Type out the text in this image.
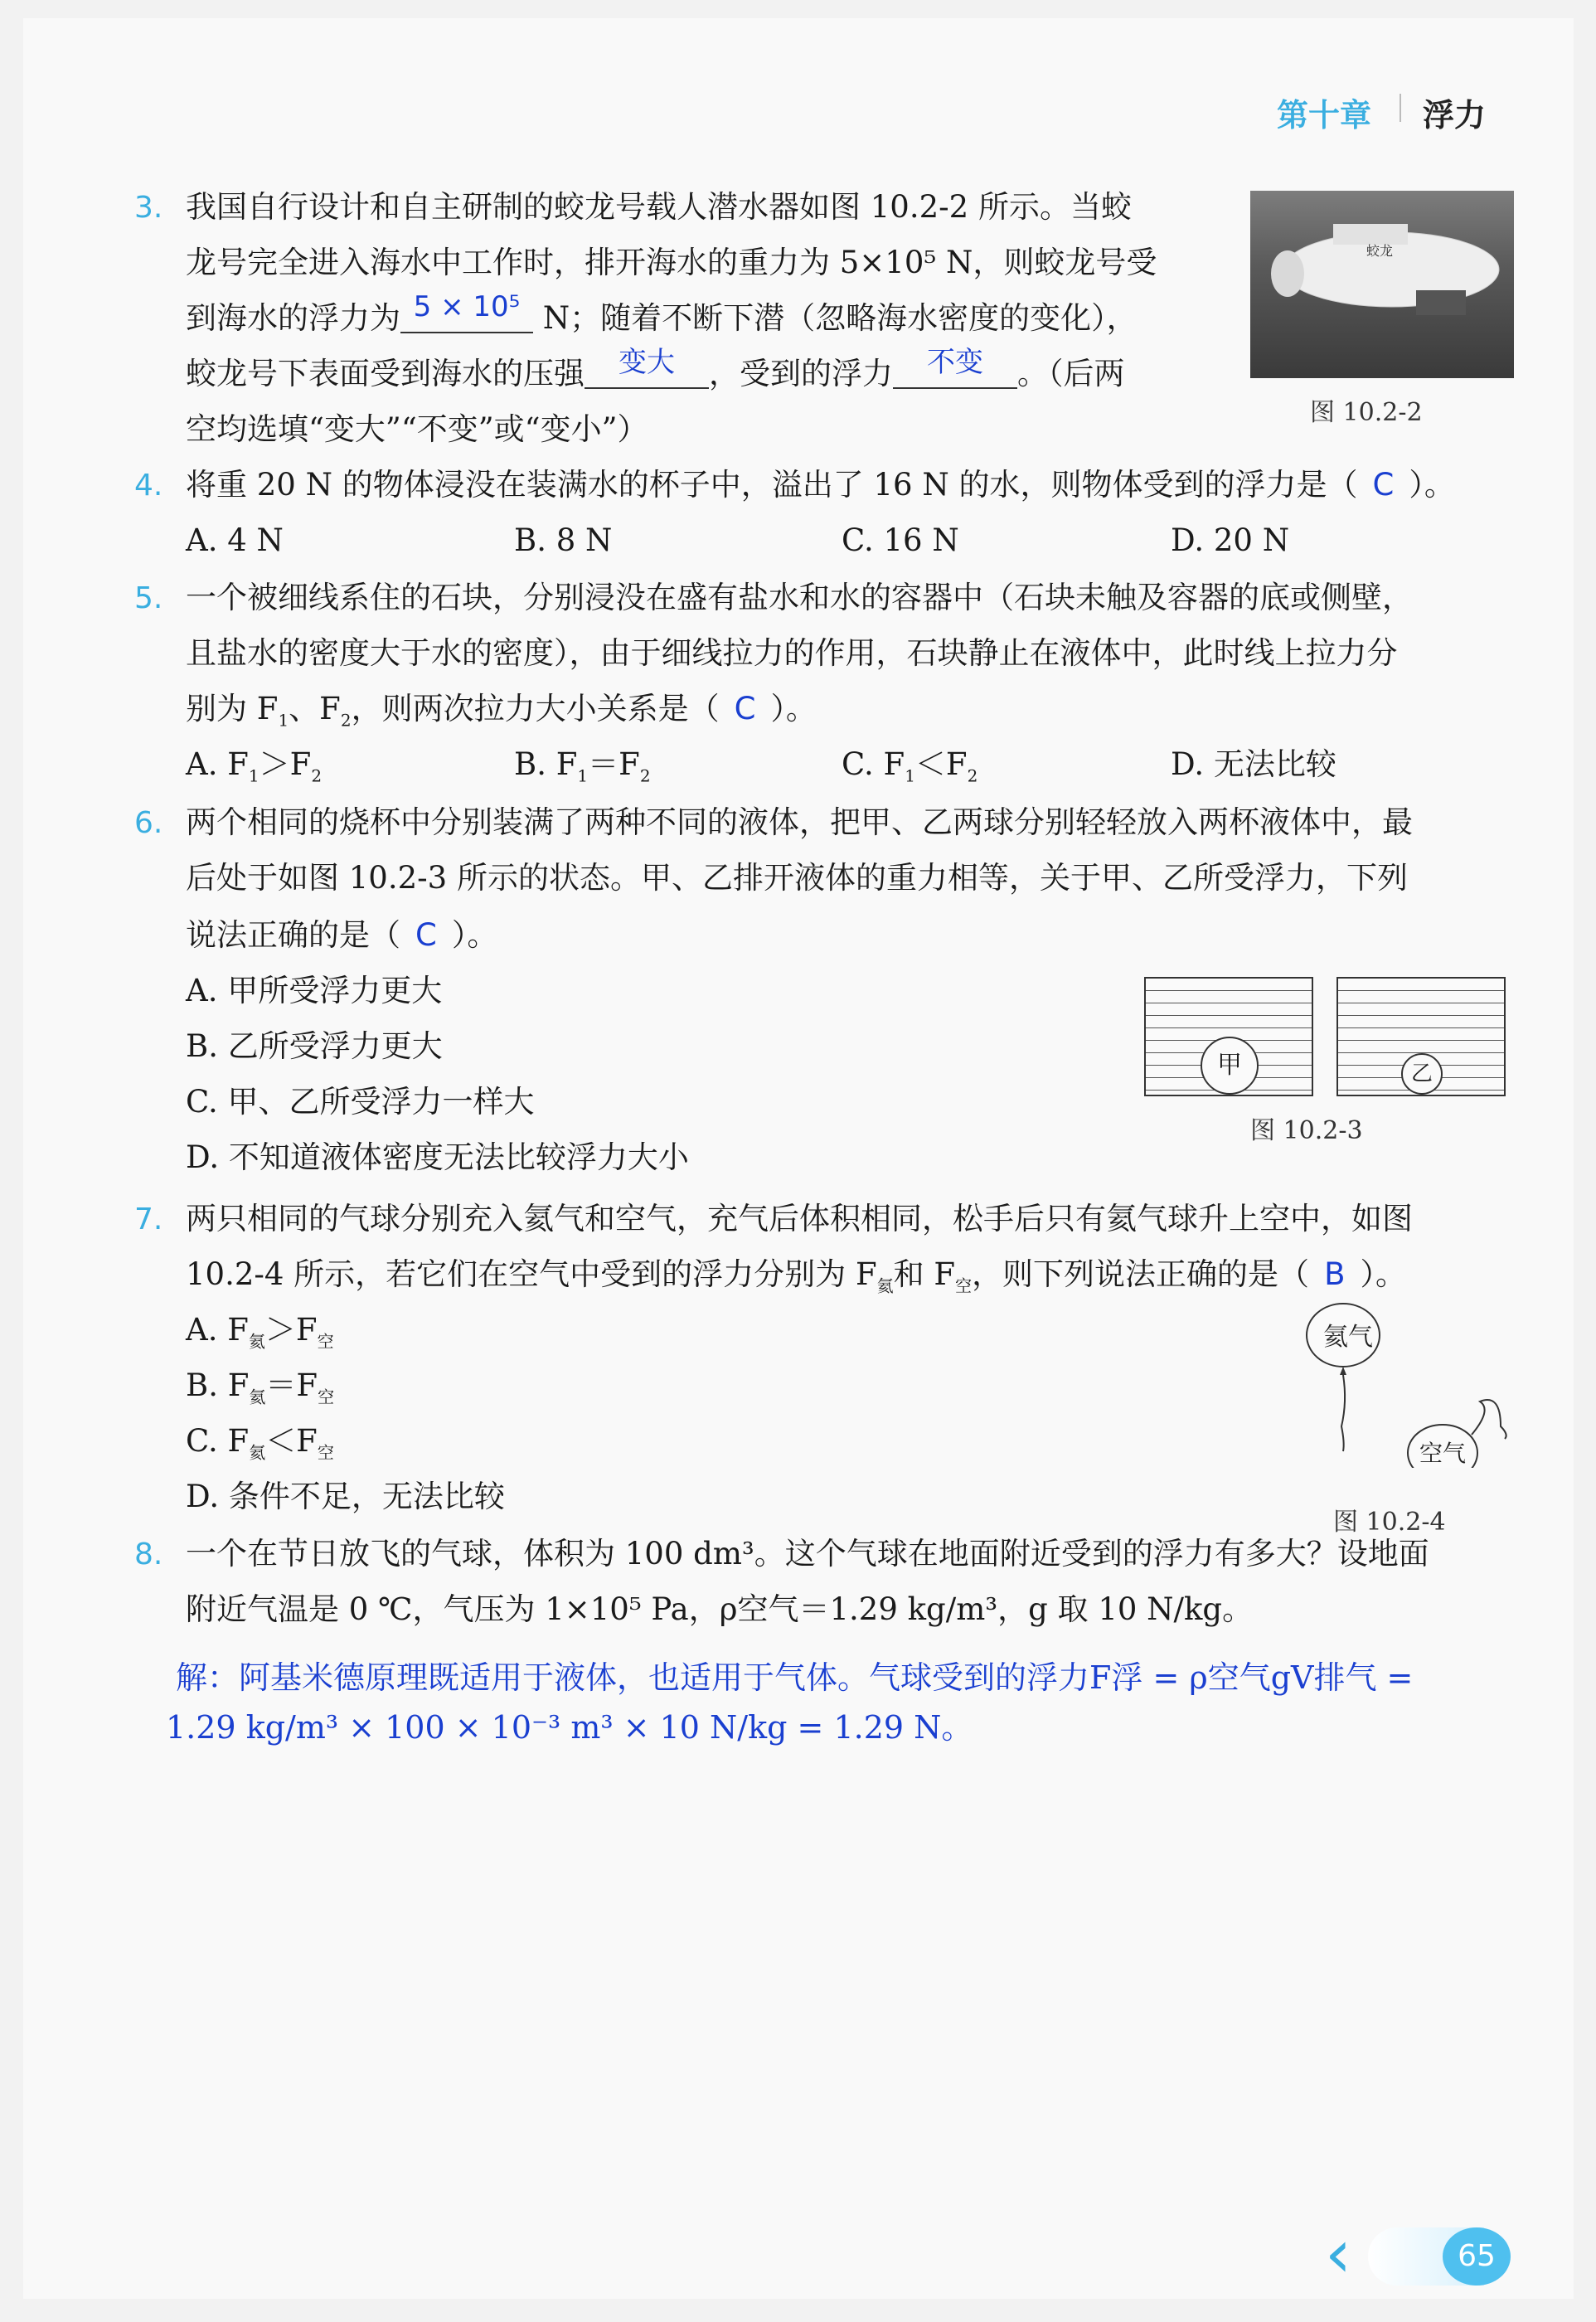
第十章 浮力
3. 我国自行设计和自主研制的蛟龙号载人潜水器如图 10.2-2 所示。当蛟
龙号完全进入海水中工作时，排开海水的重力为 5×10⁵ N，则蛟龙号受
到海水的浮力为 5 × 10⁵ N；随着不断下潜（忽略海水密度的变化），
蛟龙号下表面受到海水的压强	变大	，受到的浮力	不变	。（后两
空均选填“变大”“不变”或“变小”）
蛟龙
图 10.2-2
4. 将重 20 N 的物体浸没在装满水的杯子中，溢出了 16 N 的水，则物体受到的浮力是（ C ）。
A. 4 N	B. 8 N	C. 16 N	D. 20 N
5. 一个被细线系住的石块，分别浸没在盛有盐水和水的容器中（石块未触及容器的底或侧壁，
且盐水的密度大于水的密度），由于细线拉力的作用，石块静止在液体中，此时线上拉力分
别为 $F_1$、$F_2$，则两次拉力大小关系是（ C ）。
A. $F_1>F_2$	B. $F_1=F_2$	C. $F_1<F_2$	D. 无法比较
6. 两个相同的烧杯中分别装满了两种不同的液体，把甲、乙两球分别轻轻放入两杯液体中，最
后处于如图 10.2-3 所示的状态。甲、乙排开液体的重力相等，关于甲、乙所受浮力，下列
说法正确的是（ C ）。
A. 甲所受浮力更大
B. 乙所受浮力更大
C. 甲、乙所受浮力一样大
D. 不知道液体密度无法比较浮力大小
甲	乙
图 10.2-3
7. 两只相同的气球分别充入氦气和空气，充气后体积相同，松手后只有氦气球升上空中，如图
10.2-4 所示，若它们在空气中受到的浮力分别为 $F_氦$和 $F_空$，则下列说法正确的是（ B ）。
A. $F_氦>F_空$
B. $F_氦=F_空$
C. $F_氦<F_空$
D. 条件不足，无法比较
氦气
空气
图 10.2-4
8. 一个在节日放飞的气球，体积为 100 dm³。这个气球在地面附近受到的浮力有多大？设地面
附近气温是 0 ℃，气压为 1×10⁵ Pa，ρ空气＝1.29 kg/m³，g 取 10 N/kg。
解：阿基米德原理既适用于液体，也适用于气体。气球受到的浮力F浮 = ρ空气gV排气 =
1.29 kg/m³ × 100 × 10⁻³ m³ × 10 N/kg = 1.29 N。
‹	65
